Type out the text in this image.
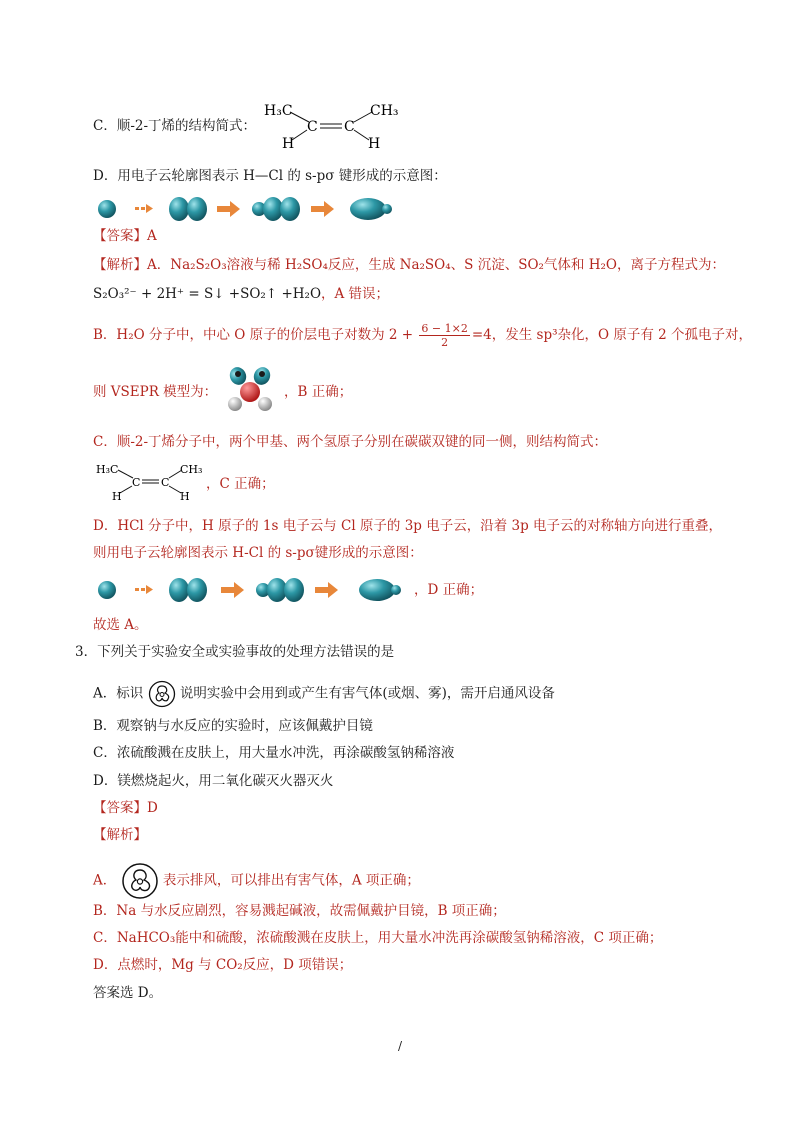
C．顺-2-丁烯的结构简式：
H₃C	CH₃
C C
H	H
D．用电子云轮廓图表示 H—Cl 的 s-pσ 键形成的示意图：
【答案】A
【解析】A．Na₂S₂O₃溶液与稀 H₂SO₄反应，生成 Na₂SO₄、S 沉淀、SO₂气体和 H₂O，离子方程式为：
S₂O₃²⁻ + 2H⁺ = S↓ +SO₂↑ +H₂O，A 错误；
B．H₂O 分子中，中心 O 原子的价层电子对数为 $2 + \frac{6 - 1\times 2}{2} =4$，发生 sp³杂化，O 原子有 2 个孤电子对，
则 VSEPR 模型为：	，B 正确；
C．顺-2-丁烯分子中，两个甲基、两个氢原子分别在碳碳双键的同一侧，则结构简式：
H₃C	CH₃
C C
H	H
，C 正确；
D．HCl 分子中，H 原子的 1s 电子云与 Cl 原子的 3p 电子云，沿着 3p 电子云的对称轴方向进行重叠，
则用电子云轮廓图表示 H-Cl 的 s-pσ键形成的示意图：
，D 正确；
故选 A。
3．下列关于实验安全或实验事故的处理方法错误的是
A．标识	说明实验中会用到或产生有害气体(或烟、雾)，需开启通风设备
B．观察钠与水反应的实验时，应该佩戴护目镜
C．浓硫酸溅在皮肤上，用大量水冲洗，再涂碳酸氢钠稀溶液
D．镁燃烧起火，用二氧化碳灭火器灭火
【答案】D
【解析】
A．	表示排风，可以排出有害气体，A 项正确；
B．Na 与水反应剧烈，容易溅起碱液，故需佩戴护目镜，B 项正确；
C．NaHCO₃能中和硫酸，浓硫酸溅在皮肤上，用大量水冲洗再涂碳酸氢钠稀溶液，C 项正确；
D．点燃时，Mg 与 CO₂反应，D 项错误；
答案选 D。
/
